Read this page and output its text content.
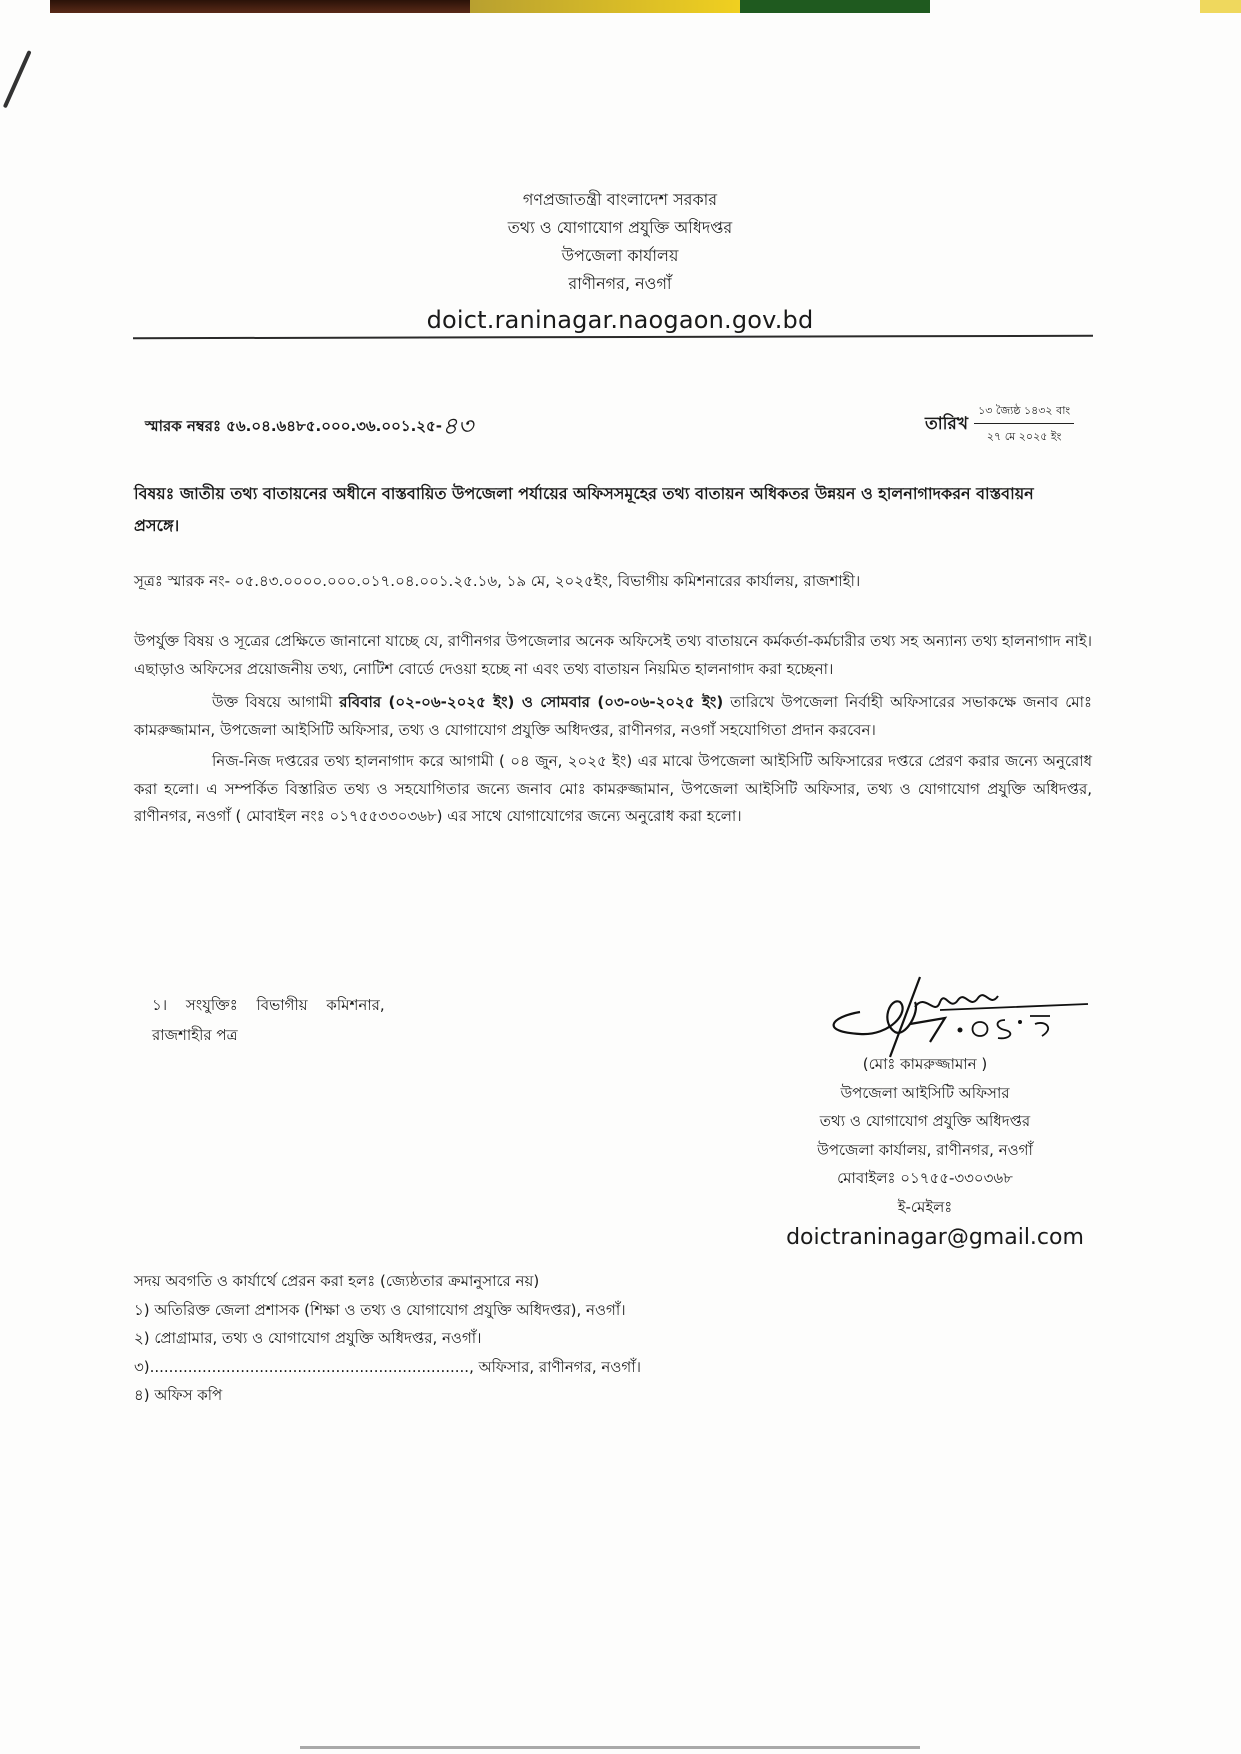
গণপ্রজাতন্ত্রী বাংলাদেশ সরকার
তথ্য ও যোগাযোগ প্রযুক্তি অধিদপ্তর
উপজেলা কার্যালয়
রাণীনগর, নওগাঁ
doict.raninagar.naogaon.gov.bd
স্মারক নম্বরঃ ৫৬.০৪.৬৪৮৫.০০০.৩৬.০০১.২৫-৪৩	তারিখ $\frac{\text{১৩ জ্যৈষ্ঠ ১৪৩২ বাং}}{\text{২৭ মে ২০২৫ ইং}}$
বিষয়ঃ জাতীয় তথ্য বাতায়নের অধীনে বাস্তবায়িত উপজেলা পর্যায়ের অফিসসমূহের তথ্য বাতায়ন অধিকতর উন্নয়ন ও হালনাগাদকরন বাস্তবায়ন প্রসঙ্গে।
সূত্রঃ স্মারক নং- ০৫.৪৩.০০০০.০০০.০১৭.০৪.০০১.২৫.১৬, ১৯ মে, ২০২৫ইং, বিভাগীয় কমিশনারের কার্যালয়, রাজশাহী।

উপর্যুক্ত বিষয় ও সূত্রের প্রেক্ষিতে জানানো যাচ্ছে যে, রাণীনগর উপজেলার অনেক অফিসেই তথ্য বাতায়নে কর্মকর্তা-কর্মচারীর তথ্য সহ অন্যান্য তথ্য হালনাগাদ নাই। এছাড়াও অফিসের প্রয়োজনীয় তথ্য, নোটিশ বোর্ডে দেওয়া হচ্ছে না এবং তথ্য বাতায়ন নিয়মিত হালনাগাদ করা হচ্ছেনা।

উক্ত বিষয়ে আগামী রবিবার (০২-০৬-২০২৫ ইং) ও সোমবার (০৩-০৬-২০২৫ ইং) তারিখে উপজেলা নির্বাহী অফিসারের সভাকক্ষে জনাব মোঃ কামরুজ্জামান, উপজেলা আইসিটি অফিসার, তথ্য ও যোগাযোগ প্রযুক্তি অধিদপ্তর, রাণীনগর, নওগাঁ সহযোগিতা প্রদান করবেন।

নিজ-নিজ দপ্তরের তথ্য হালনাগাদ করে আগামী ( ০৪ জুন, ২০২৫ ইং) এর মাঝে উপজেলা আইসিটি অফিসারের দপ্তরে প্রেরণ করার জন্যে অনুরোধ করা হলো। এ সম্পর্কিত বিস্তারিত তথ্য ও সহযোগিতার জন্যে জনাব মোঃ কামরুজ্জামান, উপজেলা আইসিটি অফিসার, তথ্য ও যোগাযোগ প্রযুক্তি অধিদপ্তর, রাণীনগর, নওগাঁ ( মোবাইল নংঃ ০১৭৫৫৩৩০৩৬৮) এর সাথে যোগাযোগের জন্যে অনুরোধ করা হলো।

১। সংযুক্তিঃ বিভাগীয় কমিশনার,
রাজশাহীর পত্র
(মোঃ কামরুজ্জামান )
উপজেলা আইসিটি অফিসার
তথ্য ও যোগাযোগ প্রযুক্তি অধিদপ্তর
উপজেলা কার্যালয়, রাণীনগর, নওগাঁ
মোবাইলঃ ০১৭৫৫-৩৩০৩৬৮
ই-মেইলঃ
doictraninagar@gmail.com
সদয় অবগতি ও কার্যার্থে প্রেরন করা হলঃ (জ্যেষ্ঠতার ক্রমানুসারে নয়)
১) অতিরিক্ত জেলা প্রশাসক (শিক্ষা ও তথ্য ও যোগাযোগ প্রযুক্তি অধিদপ্তর), নওগাঁ।
২) প্রোগ্রামার, তথ্য ও যোগাযোগ প্রযুক্তি অধিদপ্তর, নওগাঁ।
৩)..................................................................., অফিসার, রাণীনগর, নওগাঁ।
৪) অফিস কপি
